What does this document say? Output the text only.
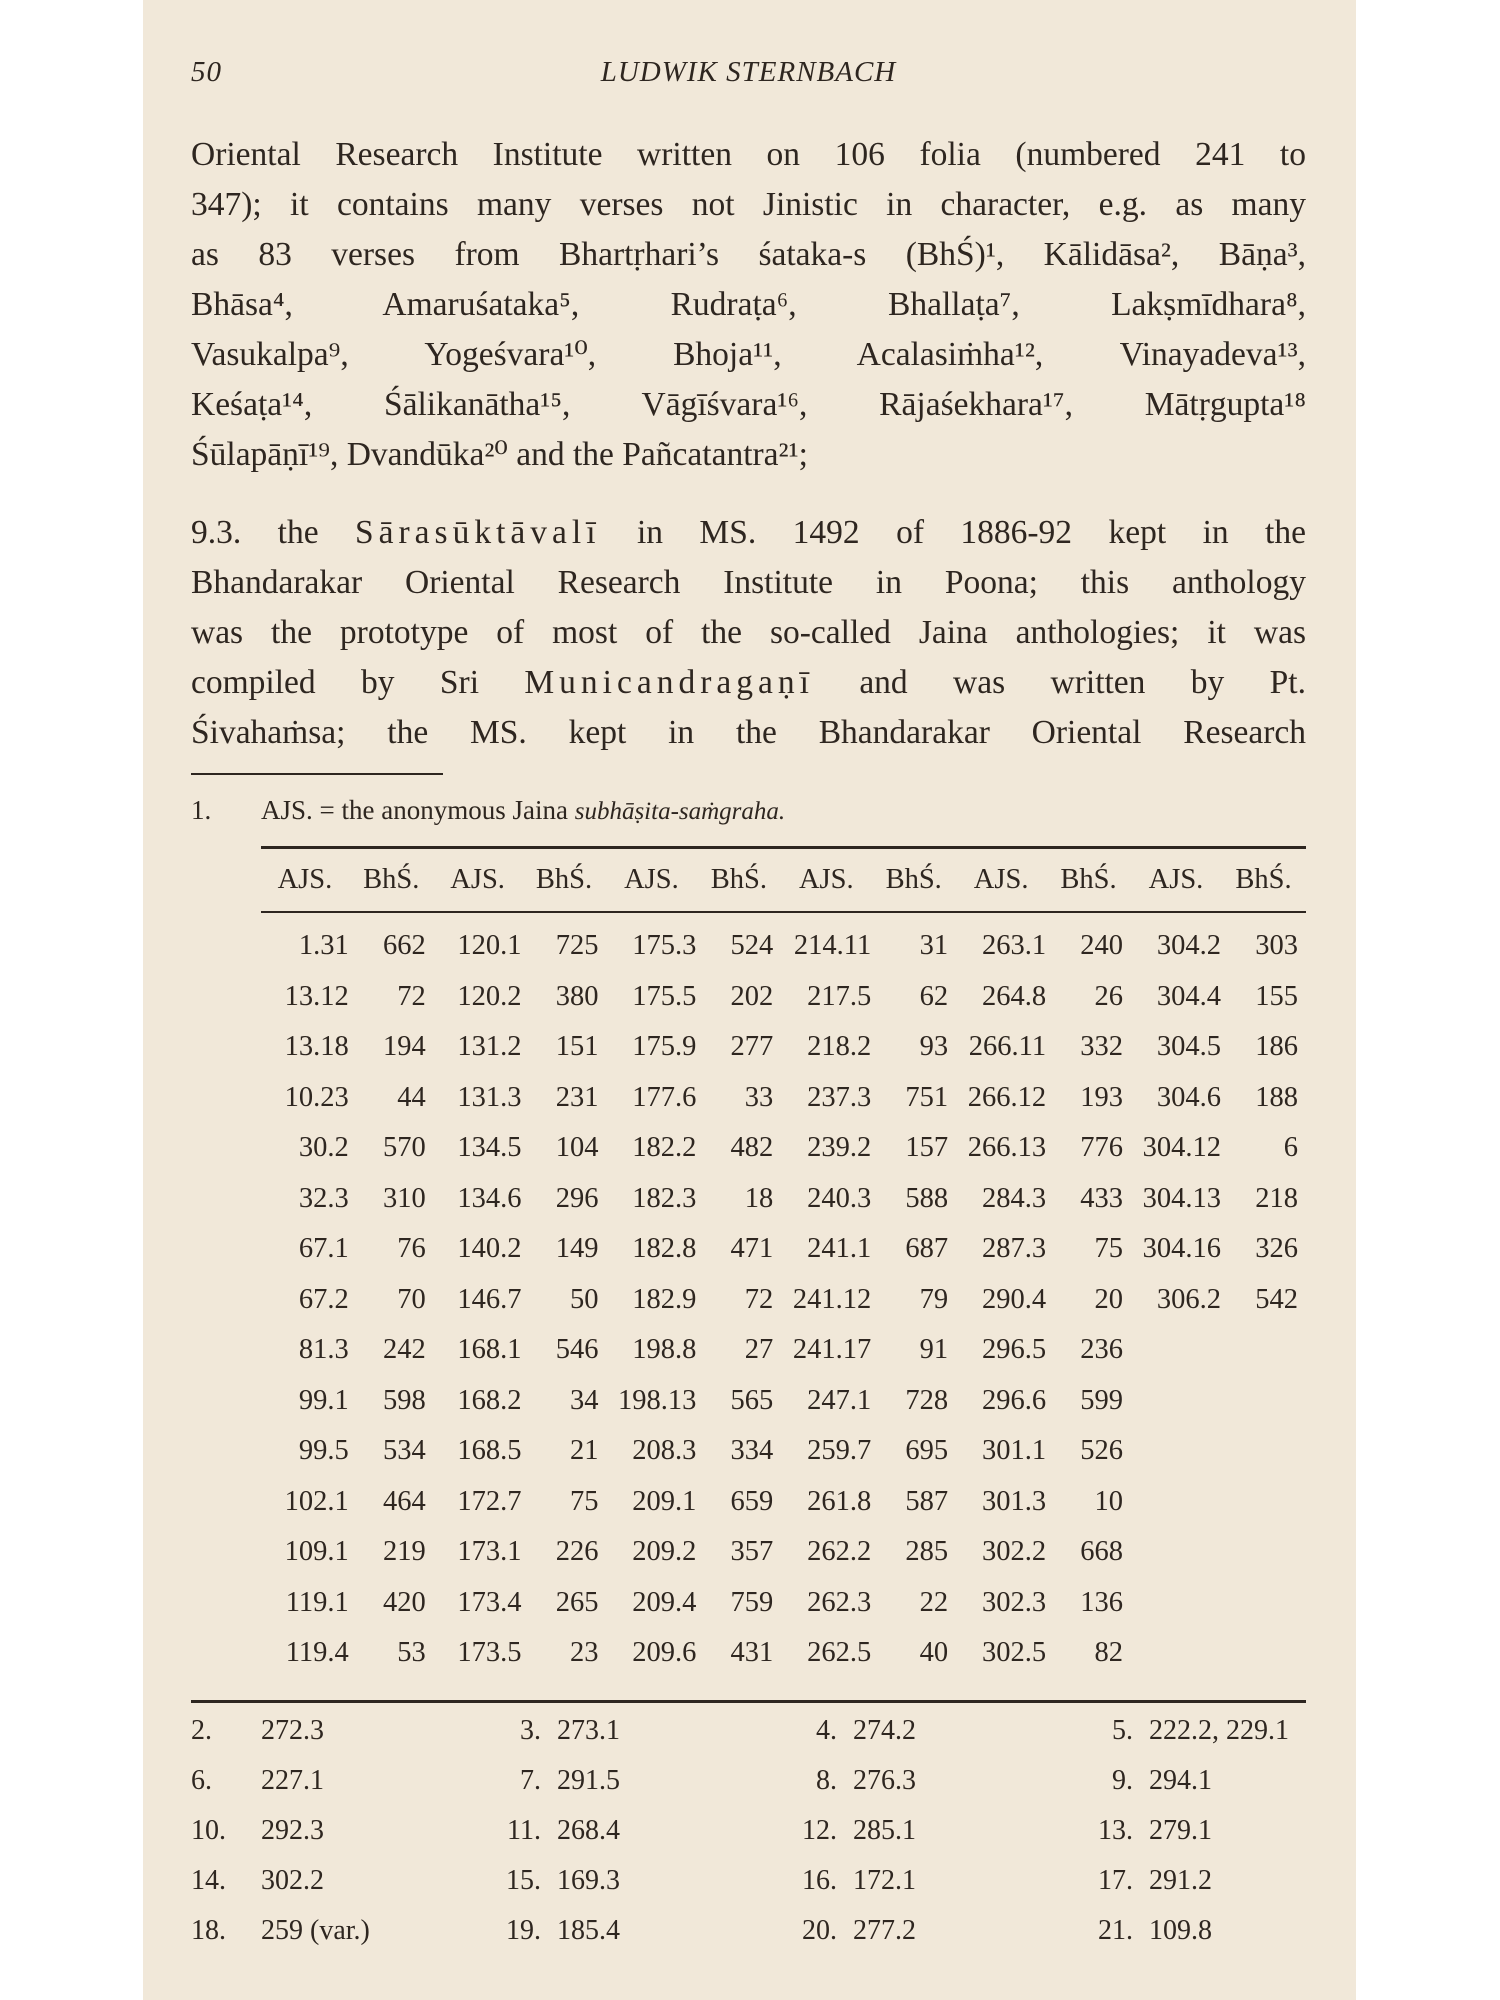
50	LUDWIK STERNBACH
Oriental Research Institute written on 106 folia (numbered 241 to
347); it contains many verses not Jinistic in character, e.g. as many
as 83 verses from Bhartṛhari’s śataka-s (BhŚ)¹, Kālidāsa², Bāṇa³,
Bhāsa⁴, Amaruśataka⁵, Rudraṭa⁶, Bhallaṭa⁷, Lakṣmīdhara⁸,
Vasukalpa⁹, Yogeśvara¹⁰, Bhoja¹¹, Acalasiṁha¹², Vinayadeva¹³,
Keśaṭa¹⁴, Śālikanātha¹⁵, Vāgīśvara¹⁶, Rājaśekhara¹⁷, Mātṛgupta¹⁸
Śūlapāṇī¹⁹, Dvandūka²⁰ and the Pañcatantra²¹;
9.3. the Sārasūktāvalī in MS. 1492 of 1886-92 kept in the
Bhandarakar Oriental Research Institute in Poona; this anthology
was the prototype of most of the so-called Jaina anthologies; it was
compiled by Sri Municandragaṇī and was written by Pt.
Śivahaṁsa; the MS. kept in the Bhandarakar Oriental Research
1. AJS. = the anonymous Jaina subhāṣita-saṁgraha.
AJS.	BhŚ.	AJS.	BhŚ.	AJS.	BhŚ.	AJS.	BhŚ.	AJS.	BhŚ.	AJS.	BhŚ.
1.31	662	120.1	725	175.3	524	214.11	31	263.1	240	304.2	303
13.12	72	120.2	380	175.5	202	217.5	62	264.8	26	304.4	155
13.18	194	131.2	151	175.9	277	218.2	93	266.11	332	304.5	186
10.23	44	131.3	231	177.6	33	237.3	751	266.12	193	304.6	188
30.2	570	134.5	104	182.2	482	239.2	157	266.13	776	304.12	6
32.3	310	134.6	296	182.3	18	240.3	588	284.3	433	304.13	218
67.1	76	140.2	149	182.8	471	241.1	687	287.3	75	304.16	326
67.2	70	146.7	50	182.9	72	241.12	79	290.4	20	306.2	542
81.3	242	168.1	546	198.8	27	241.17	91	296.5	236		
99.1	598	168.2	34	198.13	565	247.1	728	296.6	599		
99.5	534	168.5	21	208.3	334	259.7	695	301.1	526		
102.1	464	172.7	75	209.1	659	261.8	587	301.3	10		
109.1	219	173.1	226	209.2	357	262.2	285	302.2	668		
119.1	420	173.4	265	209.4	759	262.3	22	302.3	136		
119.4	53	173.5	23	209.6	431	262.5	40	302.5	82		
2.	272.3	3. 273.1	4. 274.2	5. 222.2, 229.1
6.	227.1	7. 291.5	8. 276.3	9. 294.1
10.	292.3	11. 268.4	12. 285.1	13. 279.1
14.	302.2	15. 169.3	16. 172.1	17. 291.2
18.	259 (var.)	19. 185.4	20. 277.2	21. 109.8
